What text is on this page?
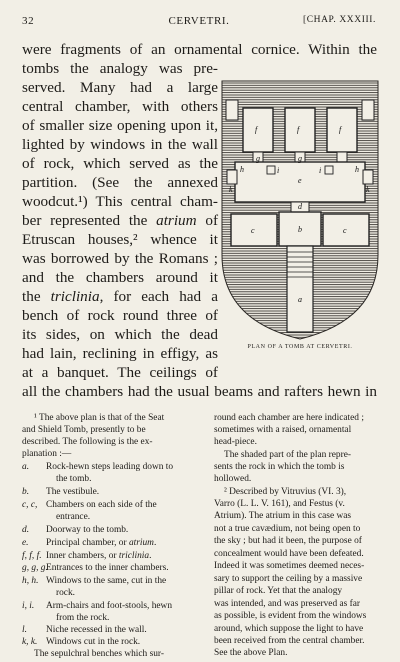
32	CERVETRI.	[CHAP. XXXIII.
were fragments of an ornamental cornice. Within the
tombs the analogy was pre-
served. Many had a large
central chamber, with others
of smaller size opening upon it,
lighted by windows in the wall
of rock, which served as the
partition. (See the annexed
woodcut.¹) This central cham-
ber represented the atrium of
Etruscan houses,² whence it
was borrowed by the Romans ;
and the chambers around it
the triclinia, for each had a
bench of rock round three of
its sides, on which the dead
had lain, reclining in effigy, as
at a banquet. The ceilings of
all the chambers had the usual beams and rafters hewn in
f	f	f
g	g
h	h
i	i
k	k
e
d
c	c
b
a
PLAN OF A TOMB AT CERVETRI.
¹ The above plan is that of the Seat
and Shield Tomb, presently to be
described. The following is the ex-
planation :—
a. Rock-hewn steps leading down to
the tomb.
b. The vestibule.
c, c, Chambers on each side of the
entrance.
d. Doorway to the tomb.
e. Principal chamber, or atrium.
f, f, f. Inner chambers, or triclinia.
g, g, g.Entrances to the inner chambers.
h, h. Windows to the same, cut in the
rock.
i, i. Arm-chairs and foot-stools, hewn
from the rock.
l. Niche recessed in the wall.
k, k. Windows cut in the rock.
The sepulchral benches which sur-
round each chamber are here indicated ;
sometimes with a raised, ornamental
head-piece.
The shaded part of the plan repre-
sents the rock in which the tomb is
hollowed.
² Described by Vitruvius (VI. 3),
Varro (L. L. V. 161), and Festus (v.
Atrium). The atrium in this case was
not a true cavædium, not being open to
the sky ; but had it been, the purpose of
concealment would have been defeated.
Indeed it was sometimes deemed neces-
sary to support the ceiling by a massive
pillar of rock. Yet that the analogy
was intended, and was preserved as far
as possible, is evident from the windows
around, which suppose the light to have
been received from the central chamber.
See the above Plan.
